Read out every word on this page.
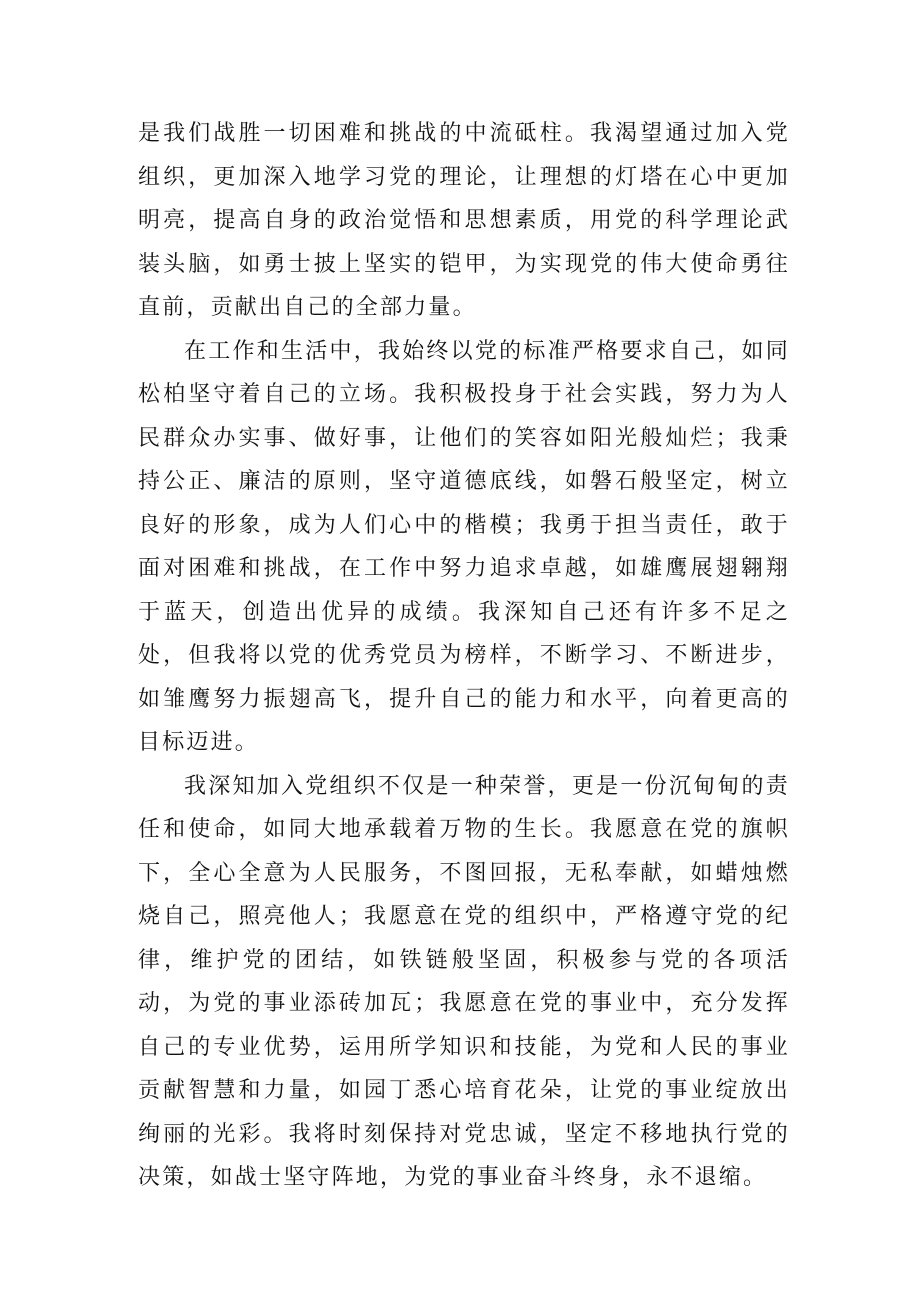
是我们战胜一切困难和挑战的中流砥柱。我渴望通过加入党组织，更加深入地学习党的理论，让理想的灯塔在心中更加明亮，提高自身的政治觉悟和思想素质，用党的科学理论武装头脑，如勇士披上坚实的铠甲，为实现党的伟大使命勇往直前，贡献出自己的全部力量。

在工作和生活中，我始终以党的标准严格要求自己，如同松柏坚守着自己的立场。我积极投身于社会实践，努力为人民群众办实事、做好事，让他们的笑容如阳光般灿烂；我秉持公正、廉洁的原则，坚守道德底线，如磐石般坚定，树立良好的形象，成为人们心中的楷模；我勇于担当责任，敢于面对困难和挑战，在工作中努力追求卓越，如雄鹰展翅翱翔于蓝天，创造出优异的成绩。我深知自己还有许多不足之处，但我将以党的优秀党员为榜样，不断学习、不断进步，如雏鹰努力振翅高飞，提升自己的能力和水平，向着更高的目标迈进。

我深知加入党组织不仅是一种荣誉，更是一份沉甸甸的责任和使命，如同大地承载着万物的生长。我愿意在党的旗帜下，全心全意为人民服务，不图回报，无私奉献，如蜡烛燃烧自己，照亮他人；我愿意在党的组织中，严格遵守党的纪律，维护党的团结，如铁链般坚固，积极参与党的各项活动，为党的事业添砖加瓦；我愿意在党的事业中，充分发挥自己的专业优势，运用所学知识和技能，为党和人民的事业贡献智慧和力量，如园丁悉心培育花朵，让党的事业绽放出绚丽的光彩。我将时刻保持对党忠诚，坚定不移地执行党的决策，如战士坚守阵地，为党的事业奋斗终身，永不退缩。
